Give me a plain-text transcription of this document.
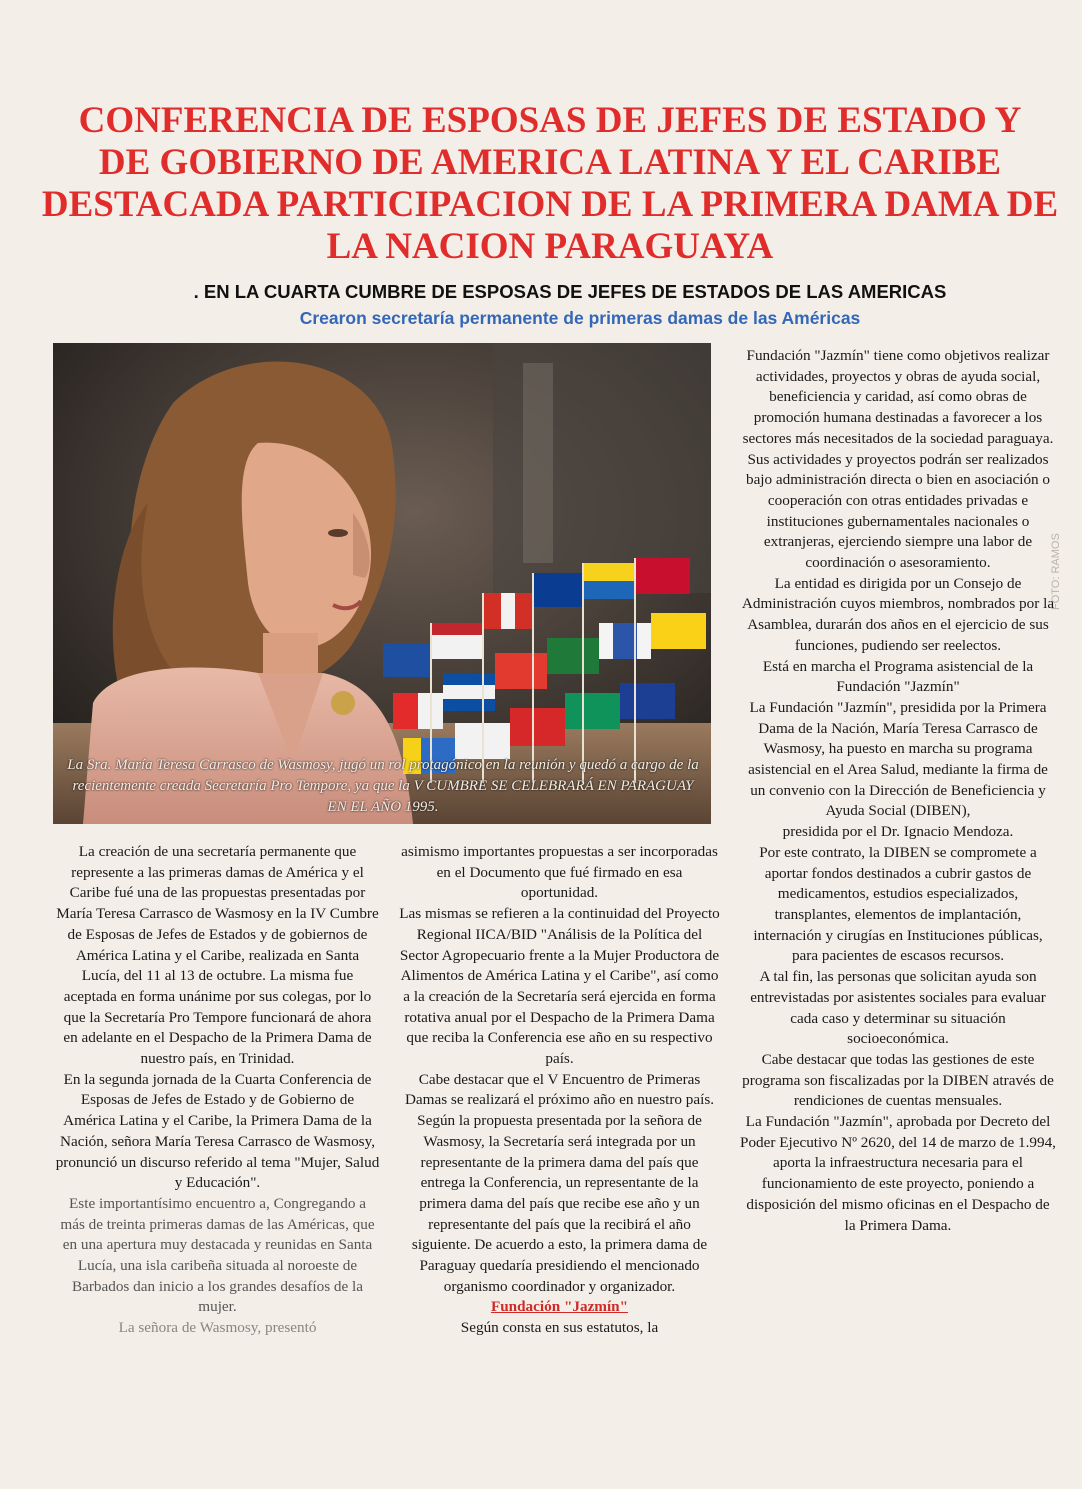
CONFERENCIA DE ESPOSAS DE JEFES DE ESTADO Y
DE GOBIERNO DE AMERICA LATINA Y EL CARIBE
DESTACADA PARTICIPACION DE LA PRIMERA DAMA DE
LA NACION PARAGUAYA
. EN LA CUARTA CUMBRE DE ESPOSAS DE JEFES DE ESTADOS DE LAS AMERICAS
Crearon secretaría permanente de primeras damas de las Américas
La Sra. María Teresa Carrasco de Wasmosy, jugó un rol protagónico en la reunión y quedó a cargo de la recientemente creada Secretaría Pro Tempore, ya que la V CUMBRE SE CELEBRARÁ EN PARAGUAY EN EL AÑO 1995.
FOTO: RAMOS

La creación de una secretaría permanente que represente a las primeras damas de América y el Caribe fué una de las propuestas presentadas por María Teresa Carrasco de Wasmosy en la IV Cumbre de Esposas de Jefes de Estados y de gobiernos de América Latina y el Caribe, realizada en Santa Lucía, del 11 al 13 de octubre. La misma fue aceptada en forma unánime por sus colegas, por lo que la Secretaría Pro Tempore funcionará de ahora en adelante en el Despacho de la Primera Dama de nuestro país, en Trinidad.

En la segunda jornada de la Cuarta Conferencia de Esposas de Jefes de Estado y de Gobierno de América Latina y el Caribe, la Primera Dama de la Nación, señora María Teresa Carrasco de Wasmosy, pronunció un discurso referido al tema "Mujer, Salud y Educación".

Este importantísimo encuentro a, Congregando a más de treinta primeras damas de las Américas, que en una apertura muy destacada y reunidas en Santa Lucía, una isla caribeña situada al noroeste de Barbados dan inicio a los grandes desafíos de la mujer.

La señora de Wasmosy, presentó

asimismo importantes propuestas a ser incorporadas en el Documento que fué firmado en esa oportunidad.

Las mismas se refieren a la continuidad del Proyecto Regional IICA/BID "Análisis de la Política del Sector Agropecuario frente a la Mujer Productora de Alimentos de América Latina y el Caribe", así como a la creación de la Secretaría será ejercida en forma rotativa anual por el Despacho de la Primera Dama que reciba la Conferencia ese año en su respectivo país.

Cabe destacar que el V Encuentro de Primeras Damas se realizará el próximo año en nuestro país.

Según la propuesta presentada por la señora de Wasmosy, la Secretaría será integrada por un representante de la primera dama del país que entrega la Conferencia, un representante de la primera dama del país que recibe ese año y un representante del país que la recibirá el año siguiente. De acuerdo a esto, la primera dama de Paraguay quedaría presidiendo el mencionado organismo coordinador y organizador.

Fundación "Jazmín"

Según consta en sus estatutos, la

Fundación "Jazmín" tiene como objetivos realizar actividades, proyectos y obras de ayuda social, beneficiencia y caridad, así como obras de promoción humana destinadas a favorecer a los sectores más necesitados de la sociedad paraguaya.

Sus actividades y proyectos podrán ser realizados bajo administración directa o bien en asociación o cooperación con otras entidades privadas e instituciones gubernamentales nacionales o extranjeras, ejerciendo siempre una labor de coordinación o asesoramiento.

La entidad es dirigida por un Consejo de Administración cuyos miembros, nombrados por la Asamblea, durarán dos años en el ejercicio de sus funciones, pudiendo ser reelectos.

Está en marcha el Programa asistencial de la Fundación "Jazmín"

La Fundación "Jazmín", presidida por la Primera Dama de la Nación, María Teresa Carrasco de Wasmosy, ha puesto en marcha su programa asistencial en el Area Salud, mediante la firma de un convenio con la Dirección de Beneficiencia y Ayuda Social (DIBEN),

presidida por el Dr. Ignacio Mendoza.

Por este contrato, la DIBEN se compromete a aportar fondos destinados a cubrir gastos de medicamentos, estudios especializados, transplantes, elementos de implantación, internación y cirugías en Instituciones públicas, para pacientes de escasos recursos.

A tal fin, las personas que solicitan ayuda son entrevistadas por asistentes sociales para evaluar cada caso y determinar su situación socioeconómica.

Cabe destacar que todas las gestiones de este programa son fiscalizadas por la DIBEN através de rendiciones de cuentas mensuales.

La Fundación "Jazmín", aprobada por Decreto del Poder Ejecutivo Nº 2620, del 14 de marzo de 1.994, aporta la infraestructura necesaria para el funcionamiento de este proyecto, poniendo a disposición del mismo oficinas en el Despacho de la Primera Dama.
